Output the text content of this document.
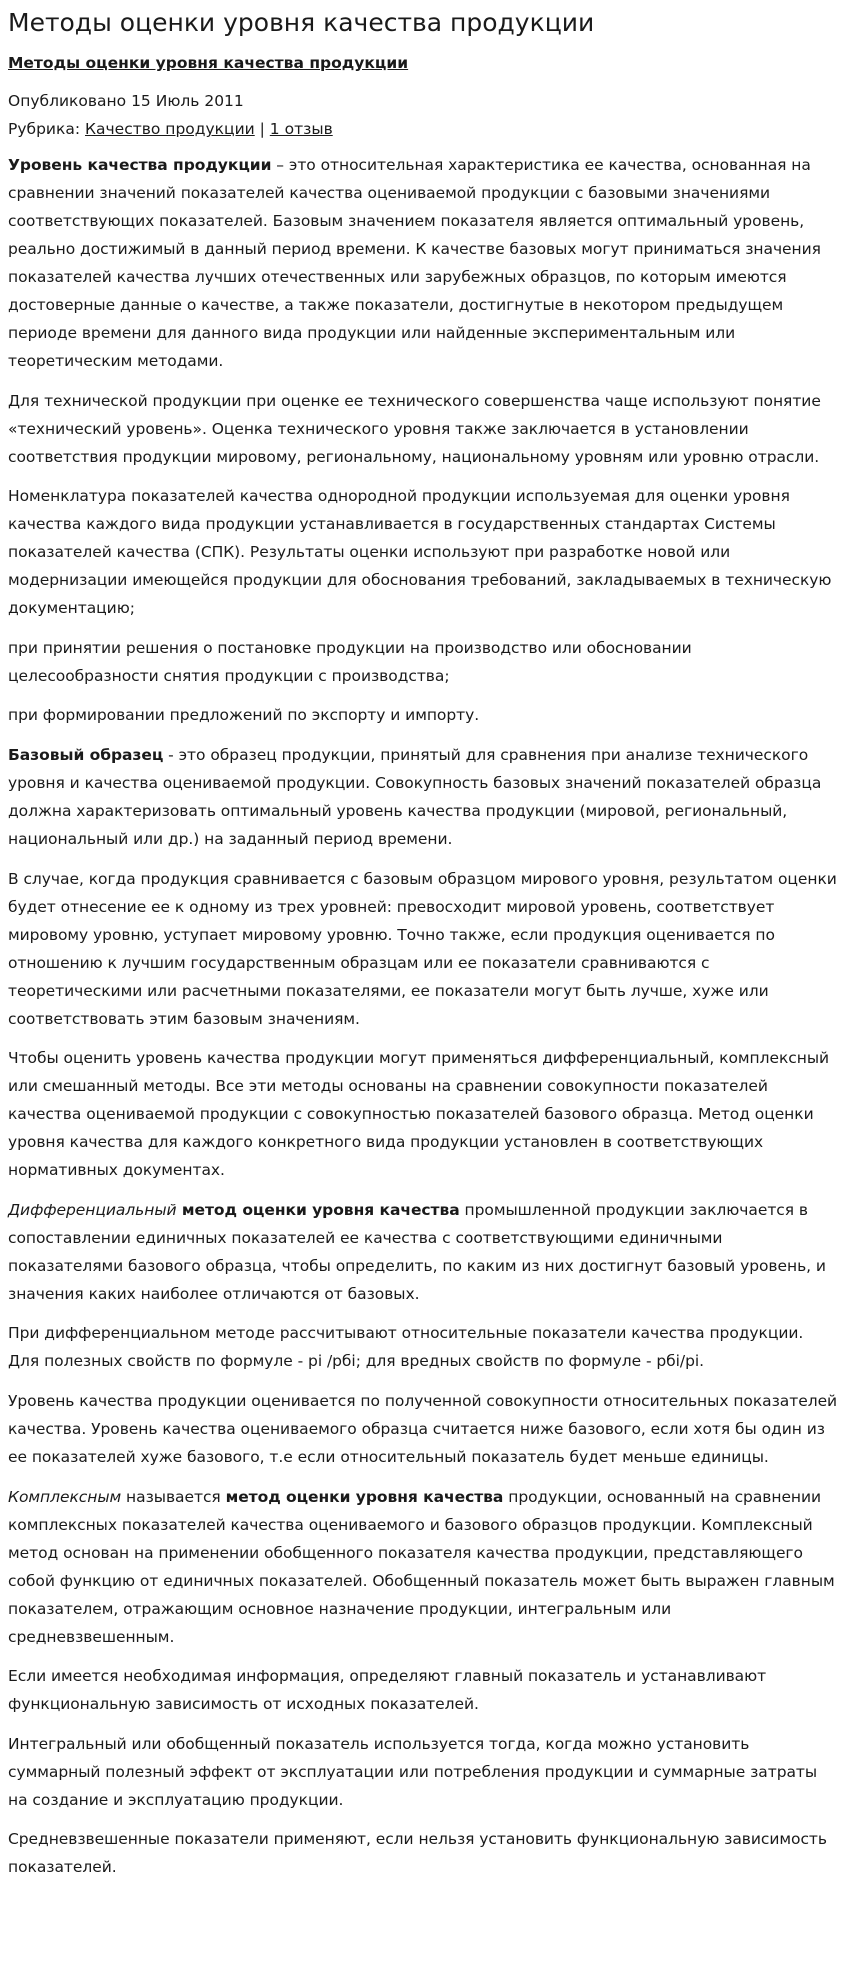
Методы оценки уровня качества продукции
Методы оценки уровня качества продукции
Опубликовано 15 Июль 2011
Рубрика: Качество продукции | 1 отзыв

Уровень качества продукции – это относительная характеристика ее качества, основанная на сравнении значений показателей качества оцениваемой продукции с базовыми значениями соответствующих показателей. Базовым значением показателя является оптимальный уровень, реально достижимый в данный период времени. К качестве базовых могут приниматься значения показателей качества лучших отечественных или зарубежных образцов, по которым имеются достоверные данные о качестве, а также показатели, достигнутые в некотором предыдущем периоде времени для данного вида продукции или найденные экспериментальным или теоретическим методами.

Для технической продукции при оценке ее технического совершенства чаще используют понятие «технический уровень». Оценка технического уровня также заключается в установлении соответствия продукции мировому, региональному, национальному уровням или уровню отрасли.

Номенклатура показателей качества однородной продукции используемая для оценки уровня качества каждого вида продукции устанавливается в государственных стандартах Системы показателей качества (СПК). Результаты оценки используют при разработке новой или модернизации имеющейся продукции для обоснования требований, закладываемых в техническую документацию;

при принятии решения о постановке продукции на производство или обосновании целесообразности снятия продукции с производства;

при формировании предложений по экспорту и импорту.

Базовый образец - это образец продукции, принятый для сравнения при анализе технического уровня и качества оцениваемой продукции. Совокупность базовых значений показателей образца должна характеризовать оптимальный уровень качества продукции (мировой, региональный, национальный или др.) на заданный период времени.

В случае, когда продукция сравнивается с базовым образцом мирового уровня, результатом оценки будет отнесение ее к одному из трех уровней: превосходит мировой уровень, соответствует мировому уровню, уступает мировому уровню. Точно также, если продукция оценивается по отношению к лучшим государственным образцам или ее показатели сравниваются с теоретическими или расчетными показателями, ее показатели могут быть лучше, хуже или соответствовать этим базовым значениям.

Чтобы оценить уровень качества продукции могут применяться дифференциальный, комплексный или смешанный методы. Все эти методы основаны на сравнении совокупности показателей качества оцениваемой продукции с совокупностью показателей базового образца. Метод оценки уровня качества для каждого конкретного вида продукции установлен в соответствующих нормативных документах.

Дифференциальный метод оценки уровня качества промышленной продукции заключается в сопоставлении единичных показателей ее качества с соответствующими единичными показателями базового образца, чтобы определить, по каким из них достигнут базовый уровень, и значения каких наиболее отличаются от базовых.

При дифференциальном методе рассчитывают относительные показатели качества продукции. Для полезных свойств по формуле - pi /pбi; для вредных свойств по формуле - pбi/pi.

Уровень качества продукции оценивается по полученной совокупности относительных показателей качества. Уровень качества оцениваемого образца считается ниже базового, если хотя бы один из ее показателей хуже базового, т.е если относительный показатель будет меньше единицы.

Комплексным называется метод оценки уровня качества продукции, основанный на сравнении комплексных показателей качества оцениваемого и базового образцов продукции. Комплексный метод основан на применении обобщенного показателя качества продукции, представляющего собой функцию от единичных показателей. Обобщенный показатель может быть выражен главным показателем, отражающим основное назначение продукции, интегральным или средневзвешенным.

Если имеется необходимая информация, определяют главный показатель и устанавливают функциональную зависимость от исходных показателей.

Интегральный или обобщенный показатель используется тогда, когда можно установить суммарный полезный эффект от эксплуатации или потребления продукции и суммарные затраты на создание и эксплуатацию продукции.

Средневзвешенные показатели применяют, если нельзя установить функциональную зависимость показателей.
